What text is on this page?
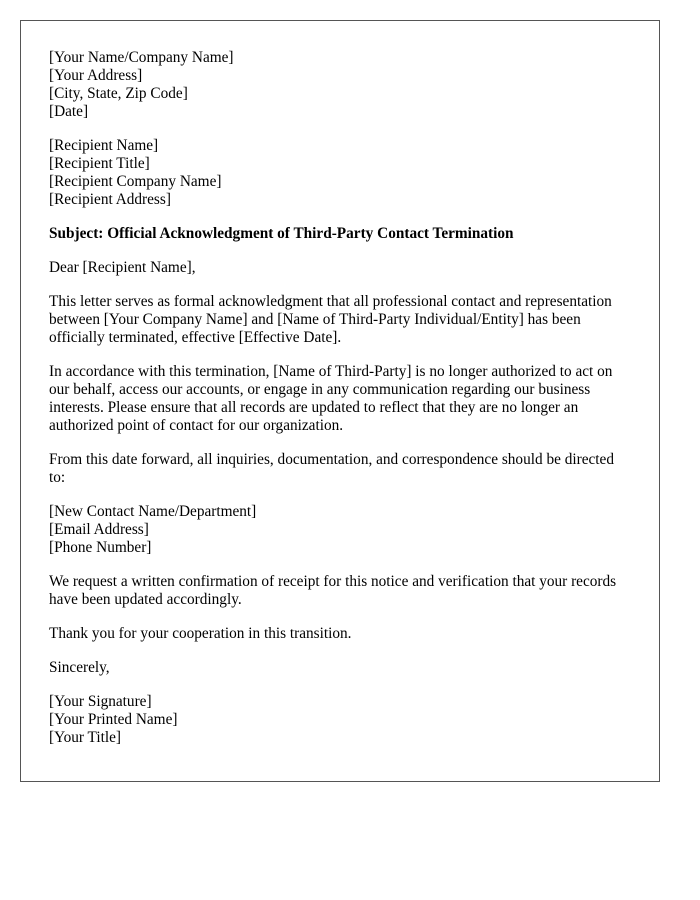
[Your Name/Company Name]
[Your Address]
[City, State, Zip Code]
[Date]
[Recipient Name]
[Recipient Title]
[Recipient Company Name]
[Recipient Address]
Subject: Official Acknowledgment of Third-Party Contact Termination

Dear [Recipient Name],

This letter serves as formal acknowledgment that all professional contact and representation between [Your Company Name] and [Name of Third-Party Individual/Entity] has been officially terminated, effective [Effective Date].

In accordance with this termination, [Name of Third-Party] is no longer authorized to act on our behalf, access our accounts, or engage in any communication regarding our business interests. Please ensure that all records are updated to reflect that they are no longer an authorized point of contact for our organization.

From this date forward, all inquiries, documentation, and correspondence should be directed to:

[New Contact Name/Department]
[Email Address]
[Phone Number]

We request a written confirmation of receipt for this notice and verification that your records have been updated accordingly.

Thank you for your cooperation in this transition.

Sincerely,

[Your Signature]
[Your Printed Name]
[Your Title]
